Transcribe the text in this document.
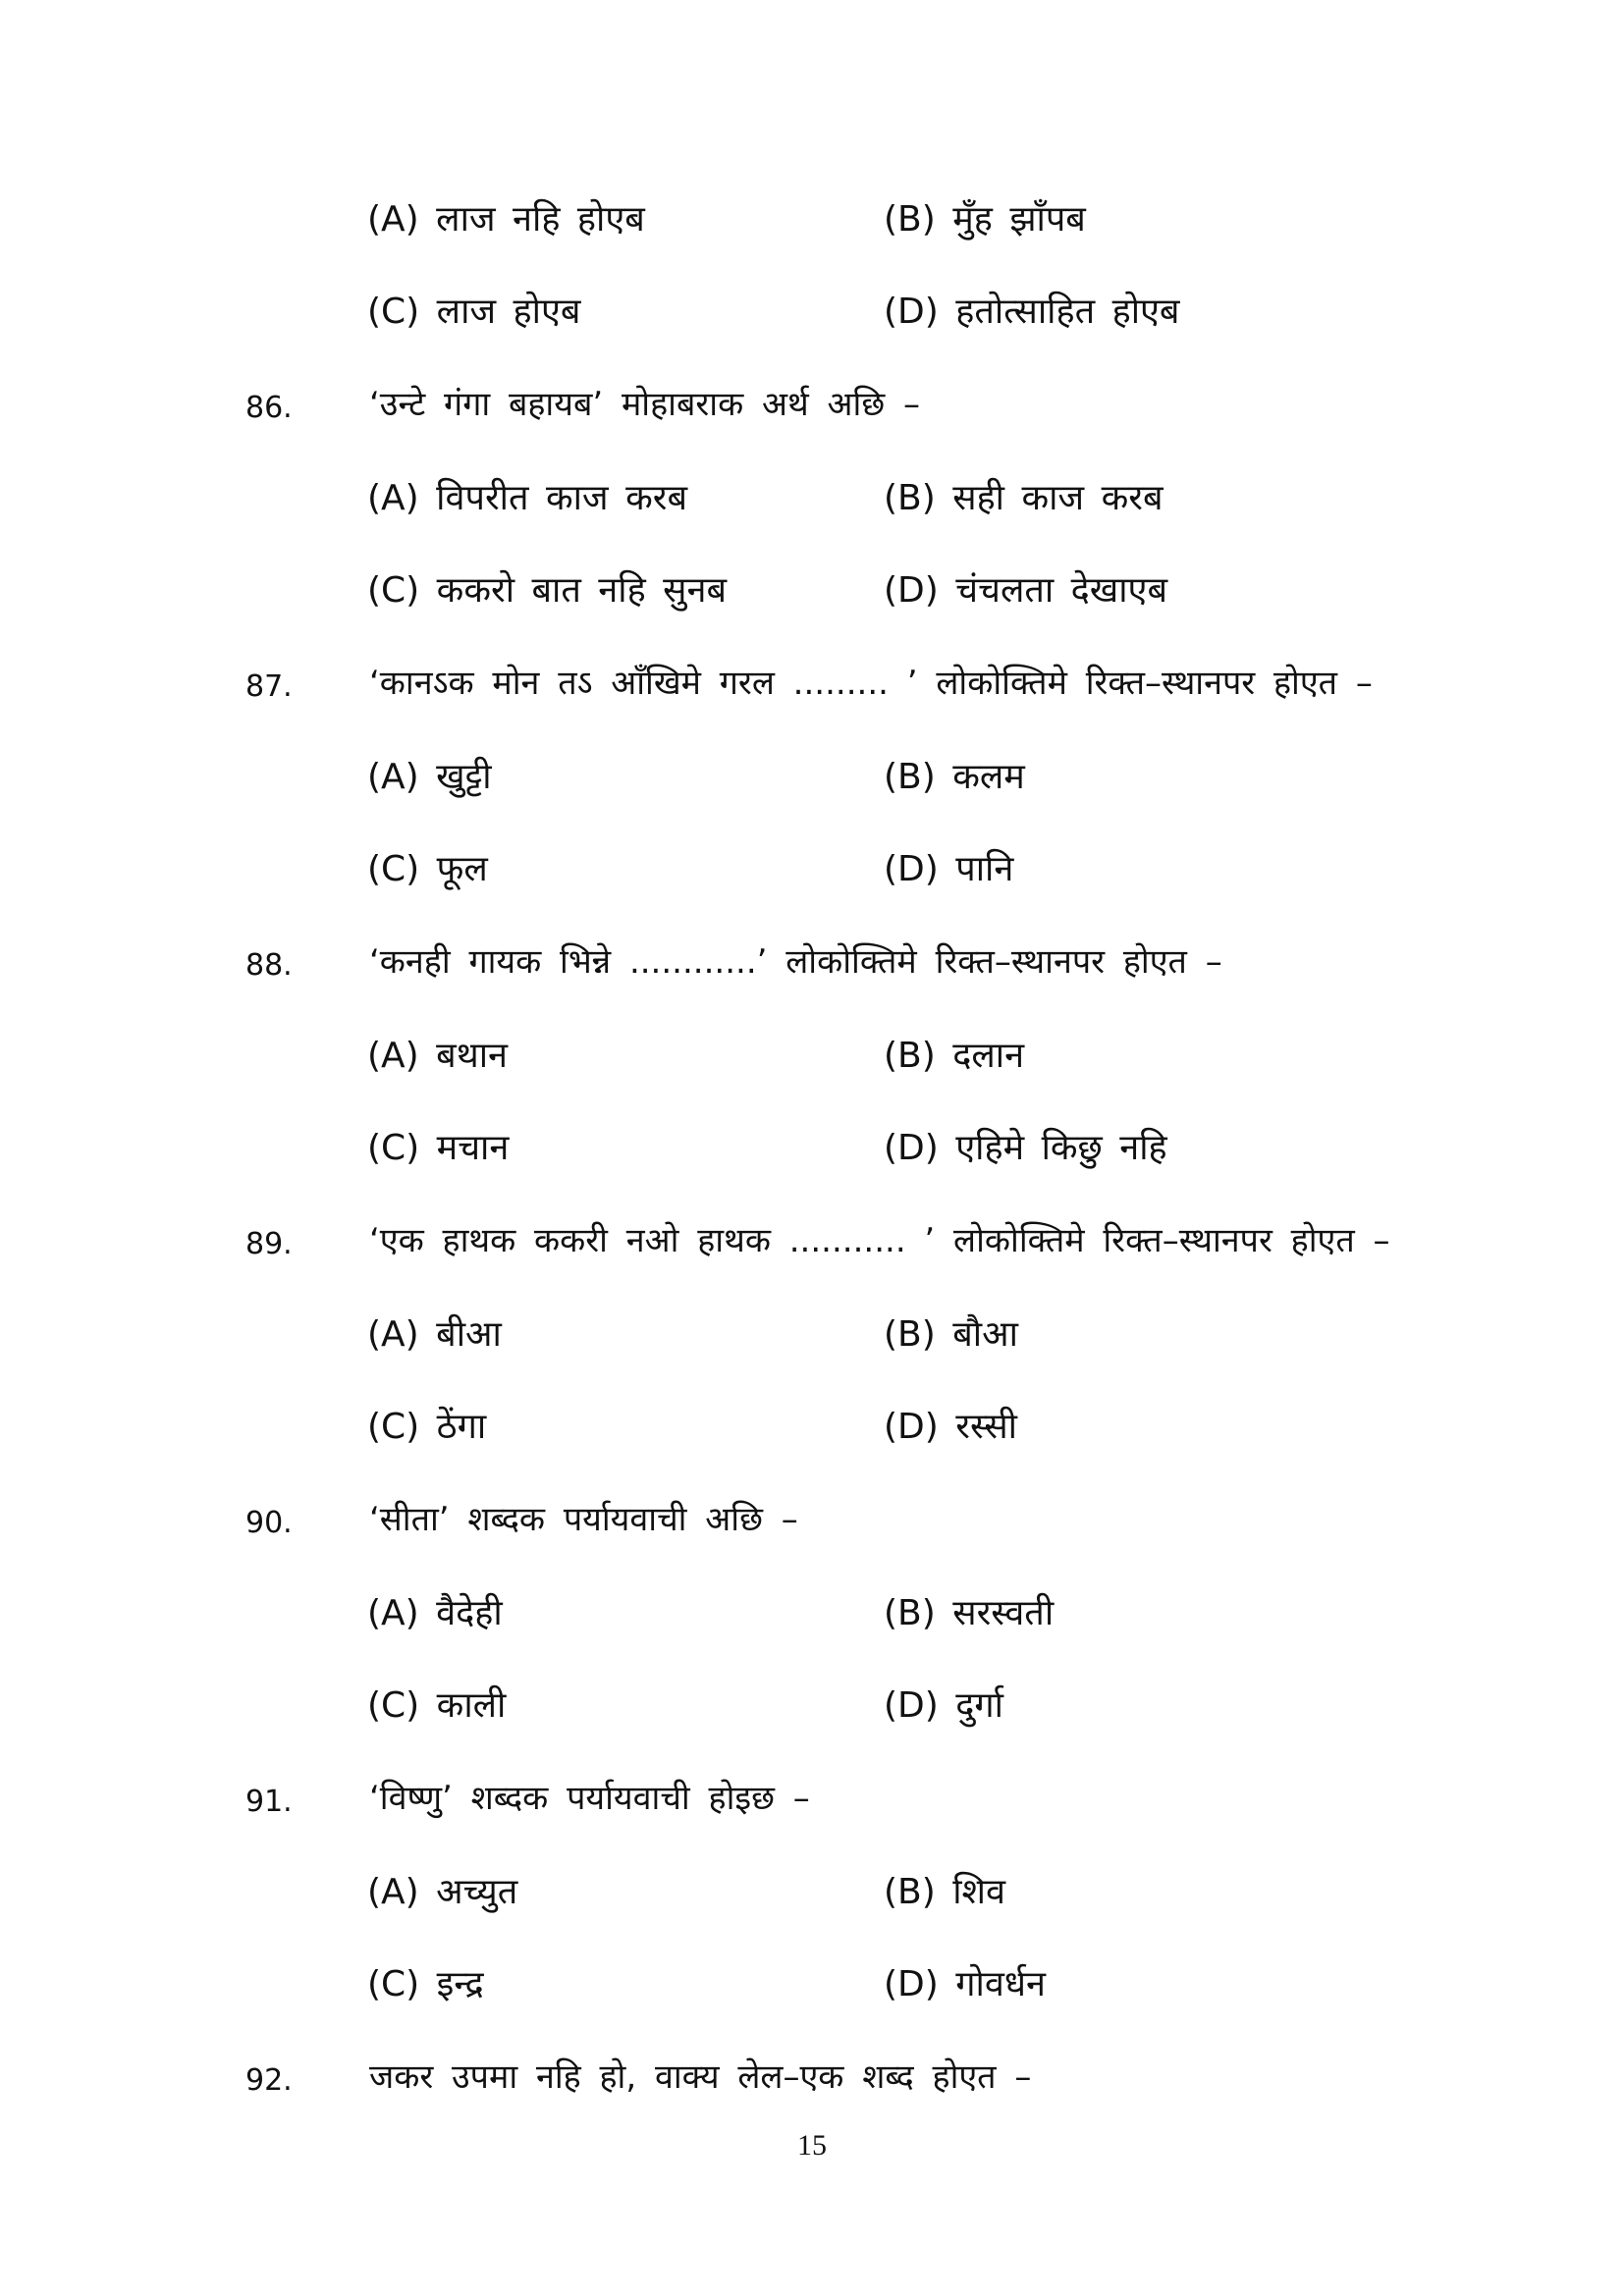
(A) लाज नहि होएब	(B) मुँह झाँपब
(C) लाज होएब	(D) हतोत्साहित होएब
86. ‘उन्टे गंगा बहायब’ मोहाबराक अर्थ अछि –
(A) विपरीत काज करब	(B) सही काज करब
(C) ककरो बात नहि सुनब	(D) चंचलता देखाएब
87. ‘कानऽक मोन तऽ आँखिमे गरल ......... ’ लोकोक्तिमे रिक्त–स्थानपर होएत –
(A) खुट्टी	(B) कलम
(C) फूल	(D) पानि
88. ‘कनही गायक भिन्ने ............’ लोकोक्तिमे रिक्त–स्थानपर होएत –
(A) बथान	(B) दलान
(C) मचान	(D) एहिमे किछु नहि
89. ‘एक हाथक ककरी नओ हाथक ........... ’ लोकोक्तिमे रिक्त–स्थानपर होएत –
(A) बीआ	(B) बौआ
(C) ठेंगा	(D) रस्सी
90. ‘सीता’ शब्दक पर्यायवाची अछि –
(A) वैदेही	(B) सरस्वती
(C) काली	(D) दुर्गा
91. ‘विष्णु’ शब्दक पर्यायवाची होइछ –
(A) अच्युत	(B) शिव
(C) इन्द्र	(D) गोवर्धन
92. जकर उपमा नहि हो, वाक्य लेल–एक शब्द होएत –
15
